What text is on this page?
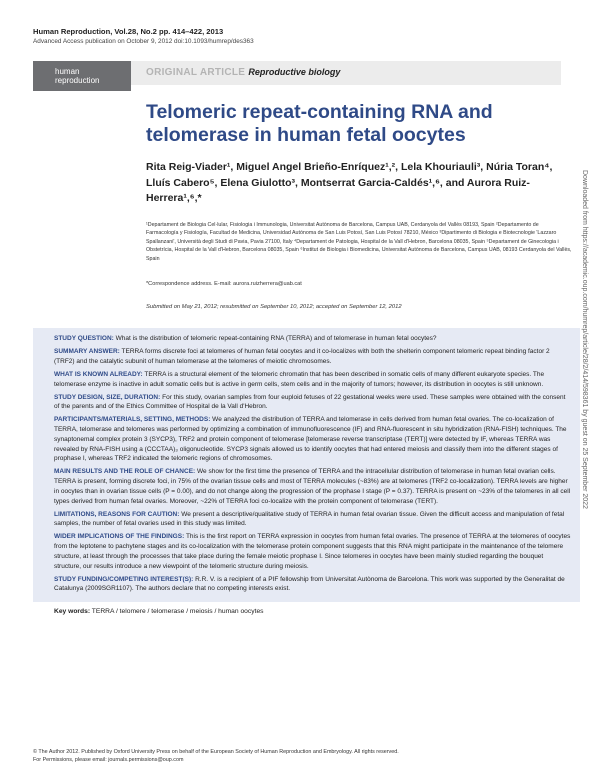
Human Reproduction, Vol.28, No.2 pp. 414–422, 2013
Advanced Access publication on October 9, 2012 doi:10.1093/humrep/des363
human
reproduction
ORIGINAL ARTICLE Reproductive biology
Telomeric repeat-containing RNA and telomerase in human fetal oocytes
Rita Reig-Viader¹, Miguel Angel Brieño-Enríquez¹,², Lela Khouriauli³, Núria Toran⁴, Lluís Cabero⁵, Elena Giulotto³, Montserrat Garcia-Caldés¹,⁶, and Aurora Ruiz-Herrera¹,⁶,*
¹Departament de Biologia Cel·lular, Fisiologia i Immunologia, Universitat Autònoma de Barcelona, Campus UAB, Cerdanyola del Vallès 08193, Spain ²Departamento de Farmacología y Fisiología, Facultad de Medicina, Universidad Autónoma de San Luis Potosí, San Luis Potosí 78210, México ³Dipartimento di Biologia e Biotecnologie 'Lazzaro Spallanzani', Università degli Studi di Pavia, Pavia 27100, Italy ⁴Departament de Patologia, Hospital de la Vall d'Hebron, Barcelona 08035, Spain ⁵Departament de Ginecologia i Obstetrícia, Hospital de la Vall d'Hebron, Barcelona 08035, Spain ⁶Institut de Biologia i Biomedicina, Universitat Autònoma de Barcelona, Campus UAB, 08193 Cerdanyola del Vallès, Spain
*Correspondence address. E-mail: aurora.ruizherrera@uab.cat
Submitted on May 21, 2012; resubmitted on September 10, 2012; accepted on September 12, 2012

STUDY QUESTION: What is the distribution of telomeric repeat-containing RNA (TERRA) and of telomerase in human fetal oocytes?

SUMMARY ANSWER: TERRA forms discrete foci at telomeres of human fetal oocytes and it co-localizes with both the shelterin component telomeric repeat binding factor 2 (TRF2) and the catalytic subunit of human telomerase at the telomeres of meiotic chromosomes.

WHAT IS KNOWN ALREADY: TERRA is a structural element of the telomeric chromatin that has been described in somatic cells of many different eukaryote species. The telomerase enzyme is inactive in adult somatic cells but is active in germ cells, stem cells and in the majority of tumors; however, its distribution in oocytes is still unknown.

STUDY DESIGN, SIZE, DURATION: For this study, ovarian samples from four euploid fetuses of 22 gestational weeks were used. These samples were obtained with the consent of the parents and of the Ethics Committee of Hospital de la Vall d'Hebron.

PARTICIPANTS/MATERIALS, SETTING, METHODS: We analyzed the distribution of TERRA and telomerase in cells derived from human fetal ovaries. The co-localization of TERRA, telomerase and telomeres was performed by optimizing a combination of immunofluorescence (IF) and RNA-fluorescent in situ hybridization (RNA-FISH) techniques. The synaptonemal complex protein 3 (SYCP3), TRF2 and protein component of telomerase [telomerase reverse transcriptase (TERT)] were detected by IF, whereas TERRA was revealed by RNA-FISH using a (CCCTAA)₃ oligonucleotide. SYCP3 signals allowed us to identify oocytes that had entered meiosis and classify them into the different stages of prophase I, whereas TRF2 indicated the telomeric regions of chromosomes.

MAIN RESULTS AND THE ROLE OF CHANCE: We show for the first time the presence of TERRA and the intracellular distribution of telomerase in human fetal ovarian cells. TERRA is present, forming discrete foci, in 75% of the ovarian tissue cells and most of TERRA molecules (~83%) are at telomeres (TRF2 co-localization). TERRA levels are higher in oocytes than in ovarian tissue cells (P = 0.00), and do not change along the progression of the prophase I stage (P = 0.37). TERRA is present on ~23% of the telomeres in all cell types derived from human fetal ovaries. Moreover, ~22% of TERRA foci co-localize with the protein component of telomerase (TERT).

LIMITATIONS, REASONS FOR CAUTION: We present a descriptive/qualitative study of TERRA in human fetal ovarian tissue. Given the difficult access and manipulation of fetal samples, the number of fetal ovaries used in this study was limited.

WIDER IMPLICATIONS OF THE FINDINGS: This is the first report on TERRA expression in oocytes from human fetal ovaries. The presence of TERRA at the telomeres of oocytes from the leptotene to pachytene stages and its co-localization with the telomerase protein component suggests that this RNA might participate in the maintenance of the telomere structure, at least through the processes that take place during the female meiotic prophase I. Since telomeres in oocytes have been mainly studied regarding the bouquet structure, our results introduce a new viewpoint of the telomeric structure during meiosis.

STUDY FUNDING/COMPETING INTEREST(S): R.R. V. is a recipient of a PIF fellowship from Universitat Autònoma de Barcelona. This work was supported by the Generalitat de Catalunya (2009SGR1107). The authors declare that no competing interests exist.

Key words: TERRA / telomere / telomerase / meiosis / human oocytes
© The Author 2012. Published by Oxford University Press on behalf of the European Society of Human Reproduction and Embryology. All rights reserved.
For Permissions, please email: journals.permissions@oup.com
Downloaded from https://academic.oup.com/humrep/article/28/2/414/598361 by guest on 25 September 2022
